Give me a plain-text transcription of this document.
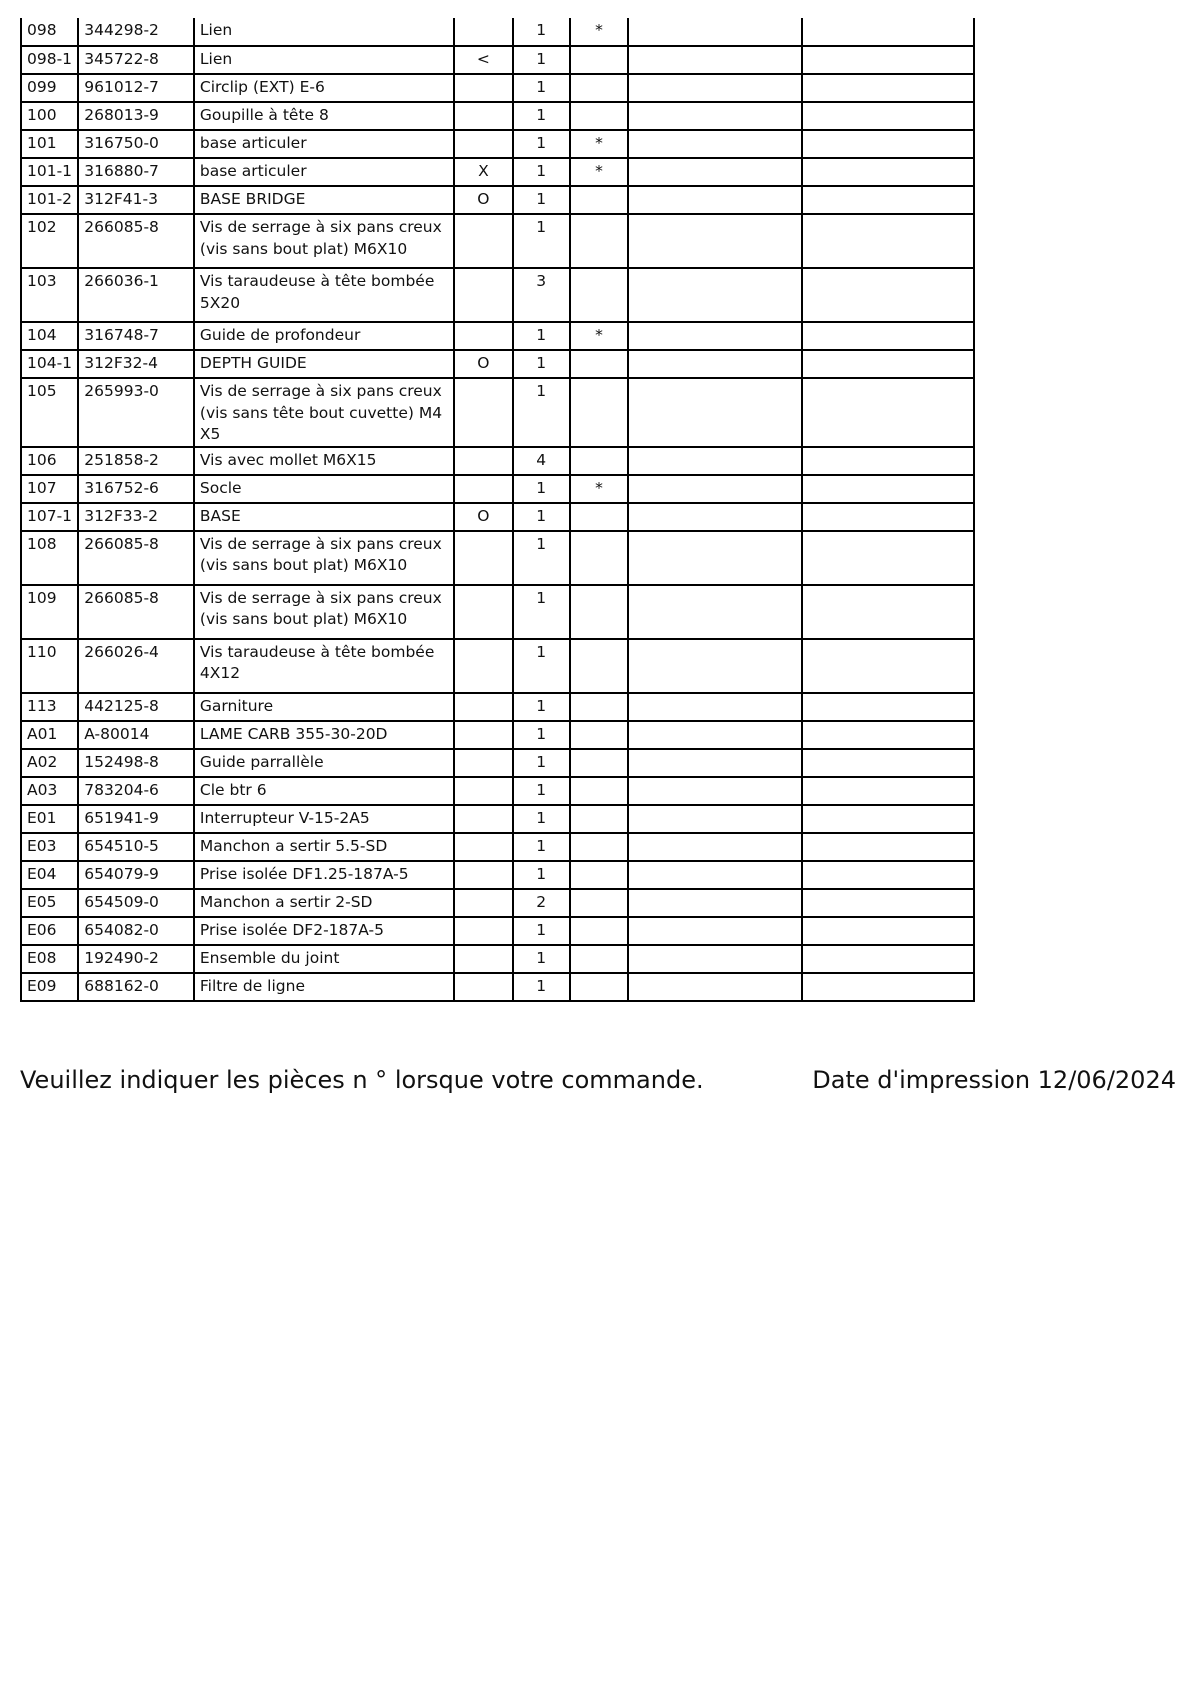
098	344298-2	Lien		1	*		
098-1	345722-8	Lien	<	1			
099	961012-7	Circlip (EXT) E-6		1			
100	268013-9	Goupille à tête 8		1			
101	316750-0	base articuler		1	*		
101-1	316880-7	base articuler	X	1	*		
101-2	312F41-3	BASE BRIDGE	O	1			
102	266085-8	Vis de serrage à six pans creux (vis sans bout plat) M6X10		1			
103	266036-1	Vis taraudeuse à tête bombée 5X20		3			
104	316748-7	Guide de profondeur		1	*		
104-1	312F32-4	DEPTH GUIDE	O	1			
105	265993-0	Vis de serrage à six pans creux (vis sans tête bout cuvette) M4X5		1			
106	251858-2	Vis avec mollet M6X15		4			
107	316752-6	Socle		1	*		
107-1	312F33-2	BASE	O	1			
108	266085-8	Vis de serrage à six pans creux (vis sans bout plat) M6X10		1			
109	266085-8	Vis de serrage à six pans creux (vis sans bout plat) M6X10		1			
110	266026-4	Vis taraudeuse à tête bombée 4X12		1			
113	442125-8	Garniture		1			
A01	A-80014	LAME CARB 355-30-20D		1			
A02	152498-8	Guide parrallèle		1			
A03	783204-6	Cle btr 6		1			
E01	651941-9	Interrupteur V-15-2A5		1			
E03	654510-5	Manchon a sertir 5.5-SD		1			
E04	654079-9	Prise isolée DF1.25-187A-5		1			
E05	654509-0	Manchon a sertir 2-SD		2			
E06	654082-0	Prise isolée DF2-187A-5		1			
E08	192490-2	Ensemble du joint		1			
E09	688162-0	Filtre de ligne		1			
Veuillez indiquer les pièces n ° lorsque votre commande.	Date d'impression 12/06/2024
